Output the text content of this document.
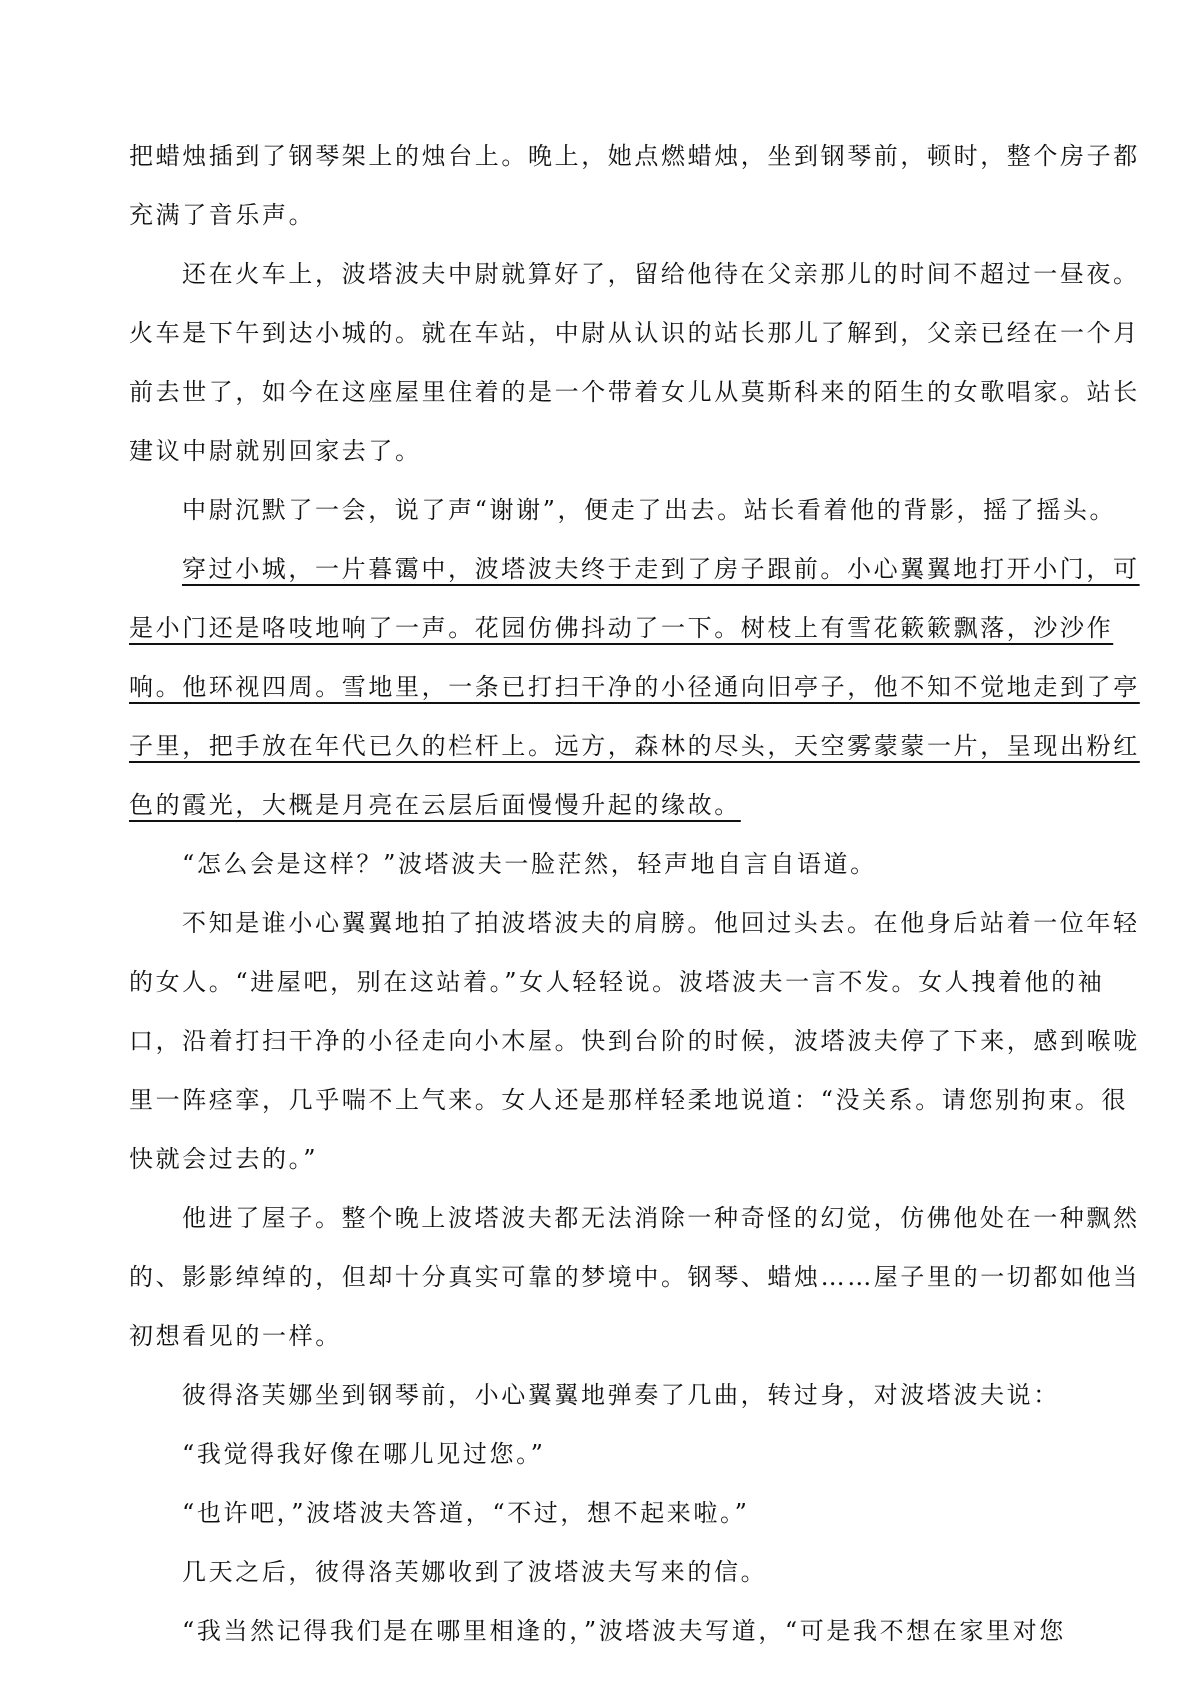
把蜡烛插到了钢琴架上的烛台上。晚上，她点燃蜡烛，坐到钢琴前，顿时，整个房子都
充满了音乐声。
还在火车上，波塔波夫中尉就算好了，留给他待在父亲那儿的时间不超过一昼夜。
火车是下午到达小城的。就在车站，中尉从认识的站长那儿了解到，父亲已经在一个月
前去世了，如今在这座屋里住着的是一个带着女儿从莫斯科来的陌生的女歌唱家。站长
建议中尉就别回家去了。
中尉沉默了一会，说了声“谢谢”，便走了出去。站长看着他的背影，摇了摇头。
穿过小城，一片暮霭中，波塔波夫终于走到了房子跟前。小心翼翼地打开小门，可
是小门还是咯吱地响了一声。花园仿佛抖动了一下。树枝上有雪花簌簌飘落，沙沙作
响。他环视四周。雪地里，一条已打扫干净的小径通向旧亭子，他不知不觉地走到了亭
子里，把手放在年代已久的栏杆上。远方，森林的尽头，天空雾蒙蒙一片，呈现出粉红
色的霞光，大概是月亮在云层后面慢慢升起的缘故。
“怎么会是这样？”波塔波夫一脸茫然，轻声地自言自语道。
不知是谁小心翼翼地拍了拍波塔波夫的肩膀。他回过头去。在他身后站着一位年轻
的女人。“进屋吧，别在这站着。”女人轻轻说。波塔波夫一言不发。女人拽着他的袖
口，沿着打扫干净的小径走向小木屋。快到台阶的时候，波塔波夫停了下来，感到喉咙
里一阵痉挛，几乎喘不上气来。女人还是那样轻柔地说道：“没关系。请您别拘束。很
快就会过去的。”
他进了屋子。整个晚上波塔波夫都无法消除一种奇怪的幻觉，仿佛他处在一种飘然
的、影影绰绰的，但却十分真实可靠的梦境中。钢琴、蜡烛……屋子里的一切都如他当
初想看见的一样。
彼得洛芙娜坐到钢琴前，小心翼翼地弹奏了几曲，转过身，对波塔波夫说：
“我觉得我好像在哪儿见过您。”
“也许吧，”波塔波夫答道，“不过，想不起来啦。”
几天之后，彼得洛芙娜收到了波塔波夫写来的信。
“我当然记得我们是在哪里相逢的，”波塔波夫写道，“可是我不想在家里对您
